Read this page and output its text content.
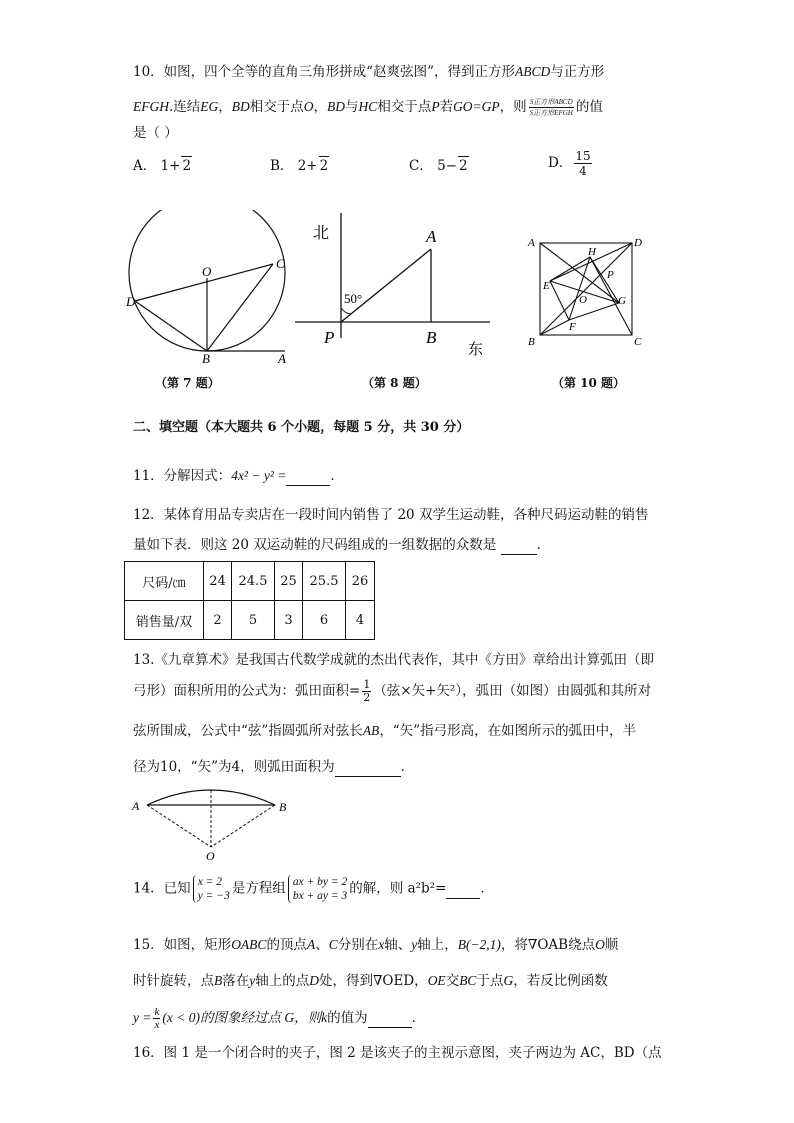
10．如图，四个全等的直角三角形拼成“赵爽弦图”，得到正方形ABCD与正方形
EFGH.连结EG，BD相交于点O，BD与HC相交于点P若GO=GP，则 $\frac{\text{S正方形ABCD}}{\text{S正方形EFGH}}$ 的值
是（ ）
A． 1+ 2	B． 2+ 2	C． 5− 2	D． $\frac{15}{4}$
O
C
D
B	A
（第 7 题）
北
东
50°
A
P	B
（第 8 题）
A	D
H
E
P
O	G
F
B	C
（第 10 题）
二、填空题（本大题共 6 个小题，每题 5 分，共 30 分）
11．分解因式：4x² − y² =	．
12．某体育用品专卖店在一段时间内销售了 20 双学生运动鞋，各种尺码运动鞋的销售
量如下表．则这 20 双运动鞋的尺码组成的一组数据的众数是	．
尺码/㎝	24	24.5	25	25.5	26
销售量/双	2	5	3	6	4
13.《九章算术》是我国古代数学成就的杰出代表作，其中《方田》章给出计算弧田（即
弓形）面积所用的公式为：弧田面积= $\frac{1}{2}$ （弦×矢+矢²），弧田（如图）由圆弧和其所对
弦所围成，公式中“弦”指圆弧所对弦长AB，“矢”指弓形高，在如图所示的弧田中，半
径为10，“矢”为4，则弧田面积为	．
A	B
O
14．已知 x = 2
y = −3 是方程组 ax + by = 2
bx + ay = 3 的解，则 a²b²=	．
15．如图，矩形OABC的顶点A、C分别在x轴、y轴上，B(−2,1)，将∇OAB绕点O顺
时针旋转，点B落在y轴上的点D处，得到∇OED，OE交BC于点G，若反比例函数
$y = \frac{k}{x} (x < 0)$的图象经过点 G，则k的值为	．
16．图 1 是一个闭合时的夹子，图 2 是该夹子的主视示意图，夹子两边为 AC，BD（点
